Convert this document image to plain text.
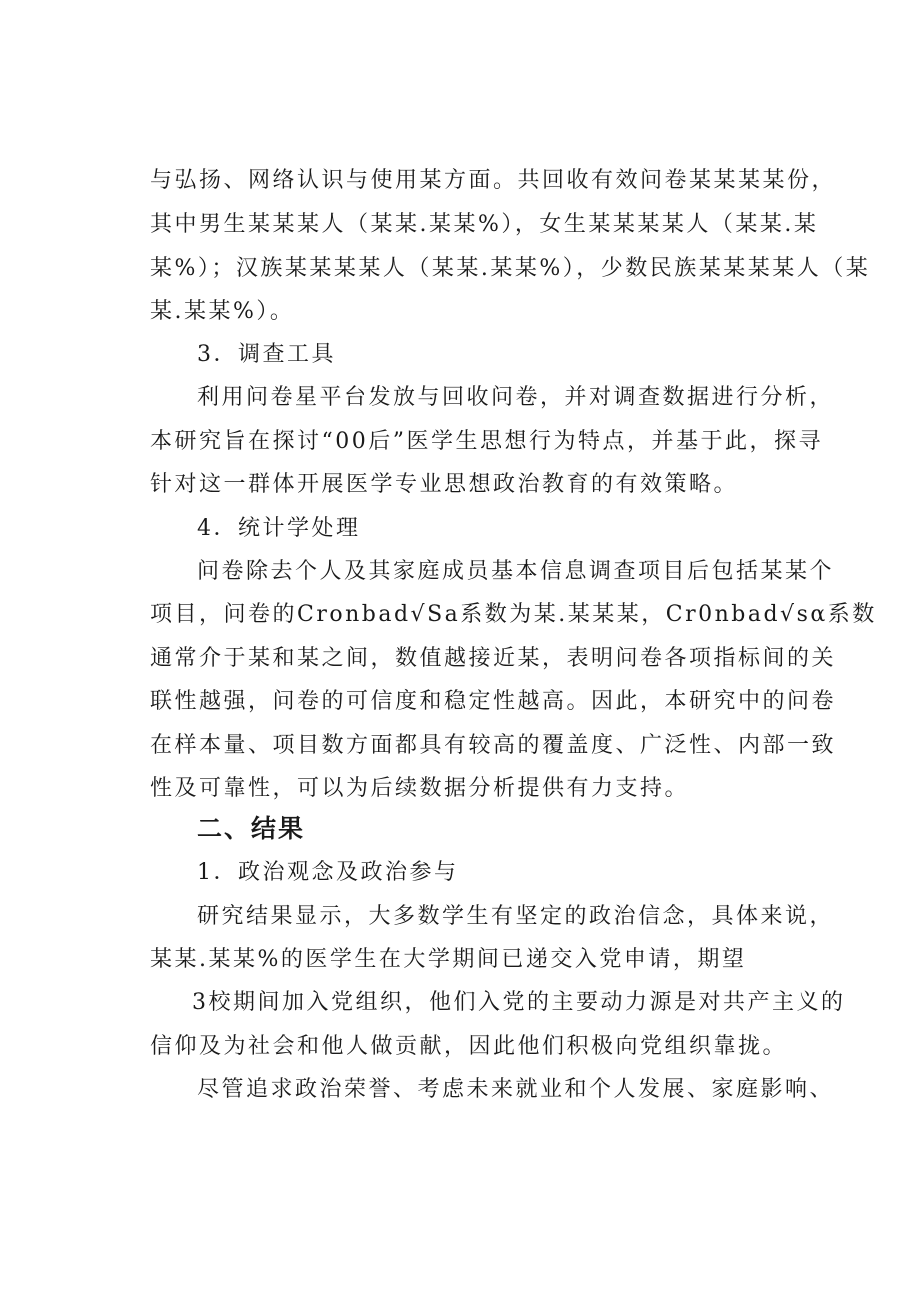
与弘扬、网络认识与使用某方面。共回收有效问卷某某某某份，
其中男生某某某人（某某.某某%），女生某某某某人（某某.某
某%）；汉族某某某某人（某某.某某%），少数民族某某某某人（某
某.某某%）。
3．调查工具
利用问卷星平台发放与回收问卷，并对调查数据进行分析，
本研究旨在探讨“00后”医学生思想行为特点，并基于此，探寻
针对这一群体开展医学专业思想政治教育的有效策略。
4．统计学处理
问卷除去个人及其家庭成员基本信息调查项目后包括某某个
项目，问卷的Cronbad√Sa系数为某.某某某，Cr0nbad√sα系数
通常介于某和某之间，数值越接近某，表明问卷各项指标间的关
联性越强，问卷的可信度和稳定性越高。因此，本研究中的问卷
在样本量、项目数方面都具有较高的覆盖度、广泛性、内部一致
性及可靠性，可以为后续数据分析提供有力支持。
二、结果
1．政治观念及政治参与
研究结果显示，大多数学生有坚定的政治信念，具体来说，
某某.某某%的医学生在大学期间已递交入党申请，期望
3校期间加入党组织，他们入党的主要动力源是对共产主义的
信仰及为社会和他人做贡献，因此他们积极向党组织靠拢。
尽管追求政治荣誉、考虑未来就业和个人发展、家庭影响、
